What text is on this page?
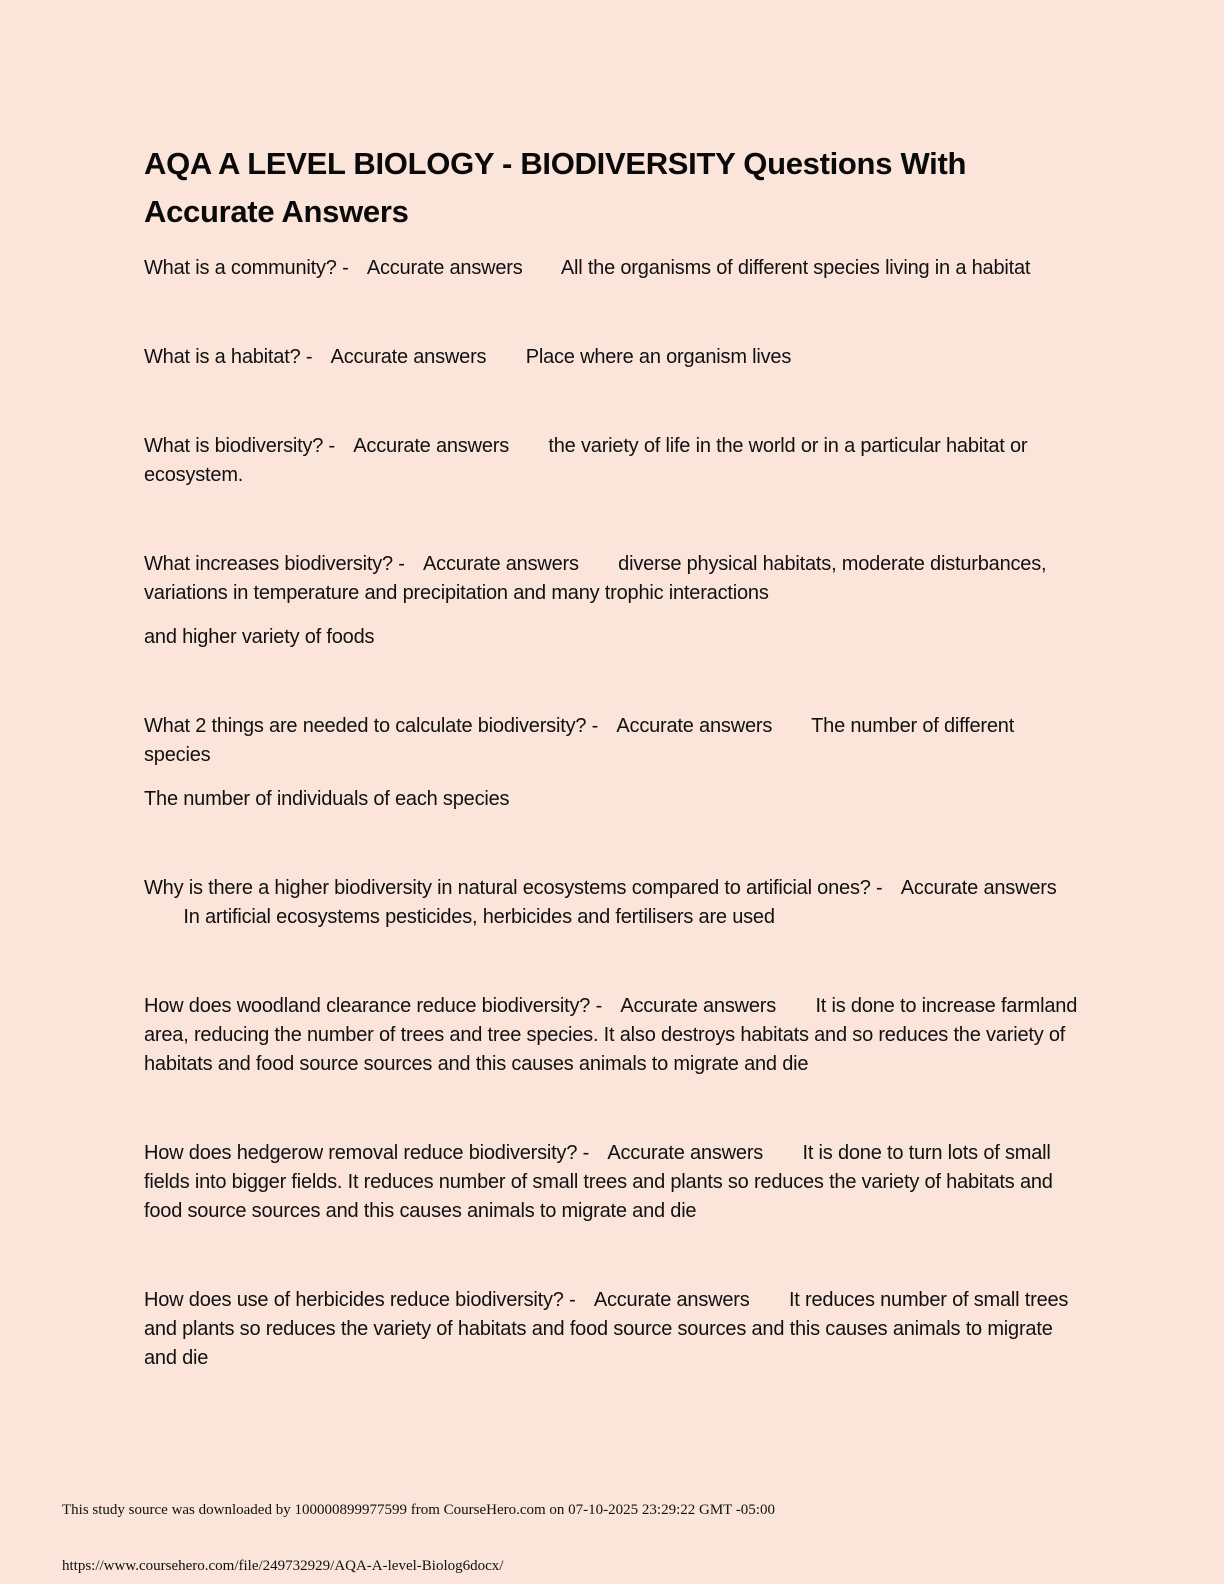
AQA A LEVEL BIOLOGY - BIODIVERSITY Questions With Accurate Answers

What is a community? - Accurate answers All the organisms of different species living in a habitat

What is a habitat? - Accurate answers Place where an organism lives

What is biodiversity? - Accurate answers the variety of life in the world or in a particular habitat or ecosystem.

What increases biodiversity? - Accurate answers diverse physical habitats, moderate disturbances, variations in temperature and precipitation and many trophic interactions

and higher variety of foods

What 2 things are needed to calculate biodiversity? - Accurate answers The number of different species

The number of individuals of each species

Why is there a higher biodiversity in natural ecosystems compared to artificial ones? - Accurate answers In artificial ecosystems pesticides, herbicides and fertilisers are used

How does woodland clearance reduce biodiversity? - Accurate answers It is done to increase farmland area, reducing the number of trees and tree species. It also destroys habitats and so reduces the variety of habitats and food source sources and this causes animals to migrate and die

How does hedgerow removal reduce biodiversity? - Accurate answers It is done to turn lots of small fields into bigger fields. It reduces number of small trees and plants so reduces the variety of habitats and food source sources and this causes animals to migrate and die

How does use of herbicides reduce biodiversity? - Accurate answers It reduces number of small trees and plants so reduces the variety of habitats and food source sources and this causes animals to migrate and die

This study source was downloaded by 100000899977599 from CourseHero.com on 07-10-2025 23:29:22 GMT -05:00
https://www.coursehero.com/file/249732929/AQA-A-level-Biolog6docx/
